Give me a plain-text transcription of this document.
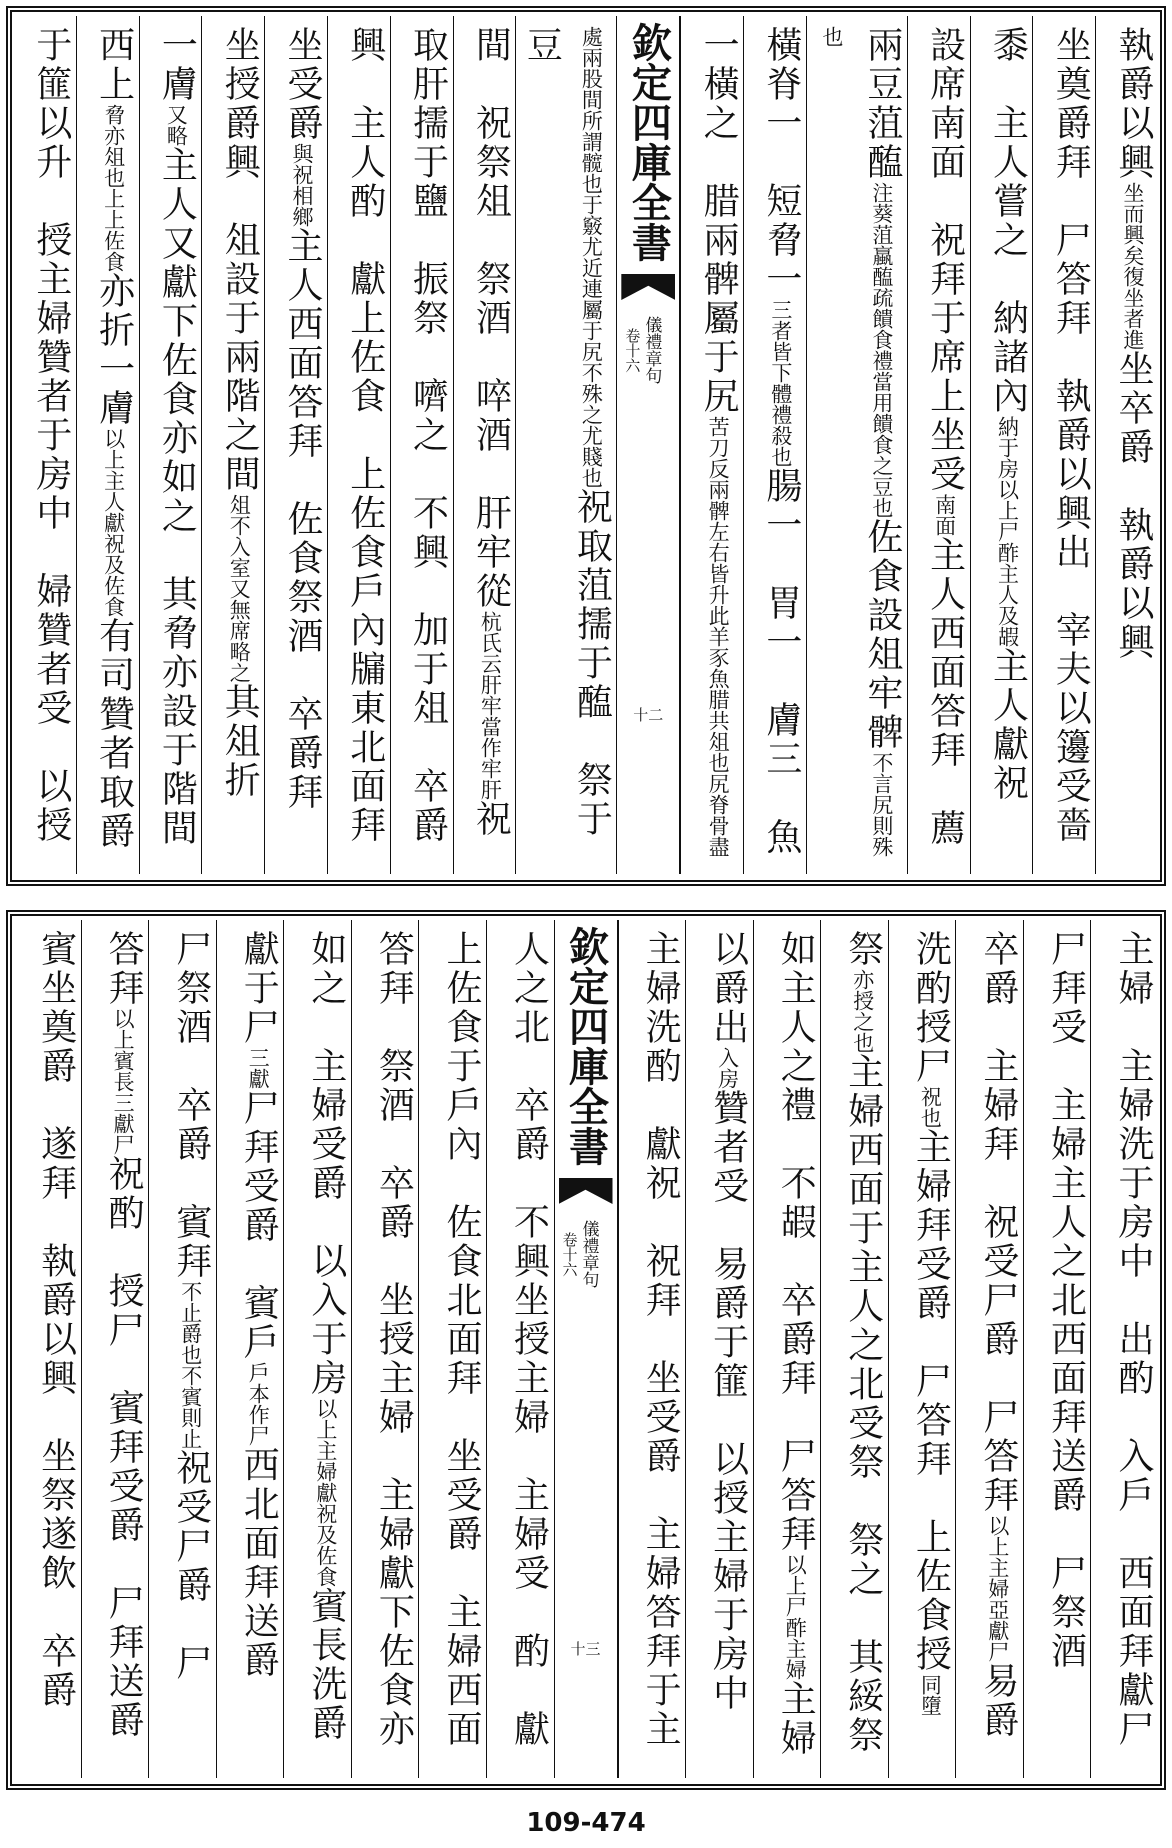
執爵以興坐而興矣復坐者進坐卒爵　執爵以興
坐奠爵拜　尸答拜　執爵以興出　宰夫以籩受嗇
黍　主人嘗之　納諸內納于房以上尸酢主人及嘏主人獻祝
設席南面　祝拜于席上坐受南面主人西面答拜　薦
兩豆菹醢注葵菹蠃醢疏饋食禮當用饋食之豆也佐食設俎牢髀不言尻則殊也
橫脊一　短脅一三者皆下體禮殺也腸一　胃一　膚三　魚
一橫之　腊兩髀屬于尻苦刀反兩髀左右皆升此羊豕魚腊共俎也尻脊骨盡
欽定四庫全書
儀禮章句
卷十六
十二
處兩股間所謂髋也于竅尤近連屬于尻不殊之尤賤也祝取菹擩于醢　祭于豆
間　祝祭俎　祭酒　啐酒　肝牢從杭氏云肝牢當作牢肝祝
取肝擩于鹽　振祭　嚌之　不興　加于俎　卒爵
興　主人酌　獻上佐食　上佐食戶內牖東北面拜
坐受爵與祝相鄉主人西面答拜　佐食祭酒　卒爵拜
坐授爵興　俎設于兩階之間俎不入室又無席略之其俎折
一膚又略主人又獻下佐食亦如之　其脅亦設于階間
西上脅亦俎也上上佐食亦折一膚以上主人獻祝及佐食有司贊者取爵
于篚以升　授主婦贊者于房中　婦贊者受　以授
主婦　主婦洗于房中　出酌　入戶　西面拜獻尸
尸拜受　主婦主人之北西面拜送爵　尸祭酒
卒爵　主婦拜　祝受尸爵　尸答拜以上主婦亞獻尸易爵
洗酌授尸祝也主婦拜受爵　尸答拜　上佐食授同墮
祭亦授之也主婦西面于主人之北受祭　祭之　其綏祭
如主人之禮　不嘏　卒爵拜　尸答拜以上尸酢主婦主婦
以爵出入房贊者受　易爵于篚　以授主婦于房中
主婦洗酌　獻祝　祝拜　坐受爵　主婦答拜于主
欽定四庫全書
儀禮章句
卷十六
十三
人之北　卒爵　不興坐授主婦　主婦受　酌　獻
上佐食于戶內　佐食北面拜　坐受爵　主婦西面
答拜　祭酒　卒爵　坐授主婦　主婦獻下佐食亦
如之　主婦受爵　以入于房以上主婦獻祝及佐食賓長洗爵
獻于尸三獻尸拜受爵　賓戶戶本作尸西北面拜送爵
尸祭酒　卒爵　賓拜不止爵也不賓則止祝受尸爵　尸
答拜以上賓長三獻尸祝酌　授尸　賓拜受爵　尸拜送爵
賓坐奠爵　遂拜　執爵以興　坐祭遂飲　卒爵
109-474
